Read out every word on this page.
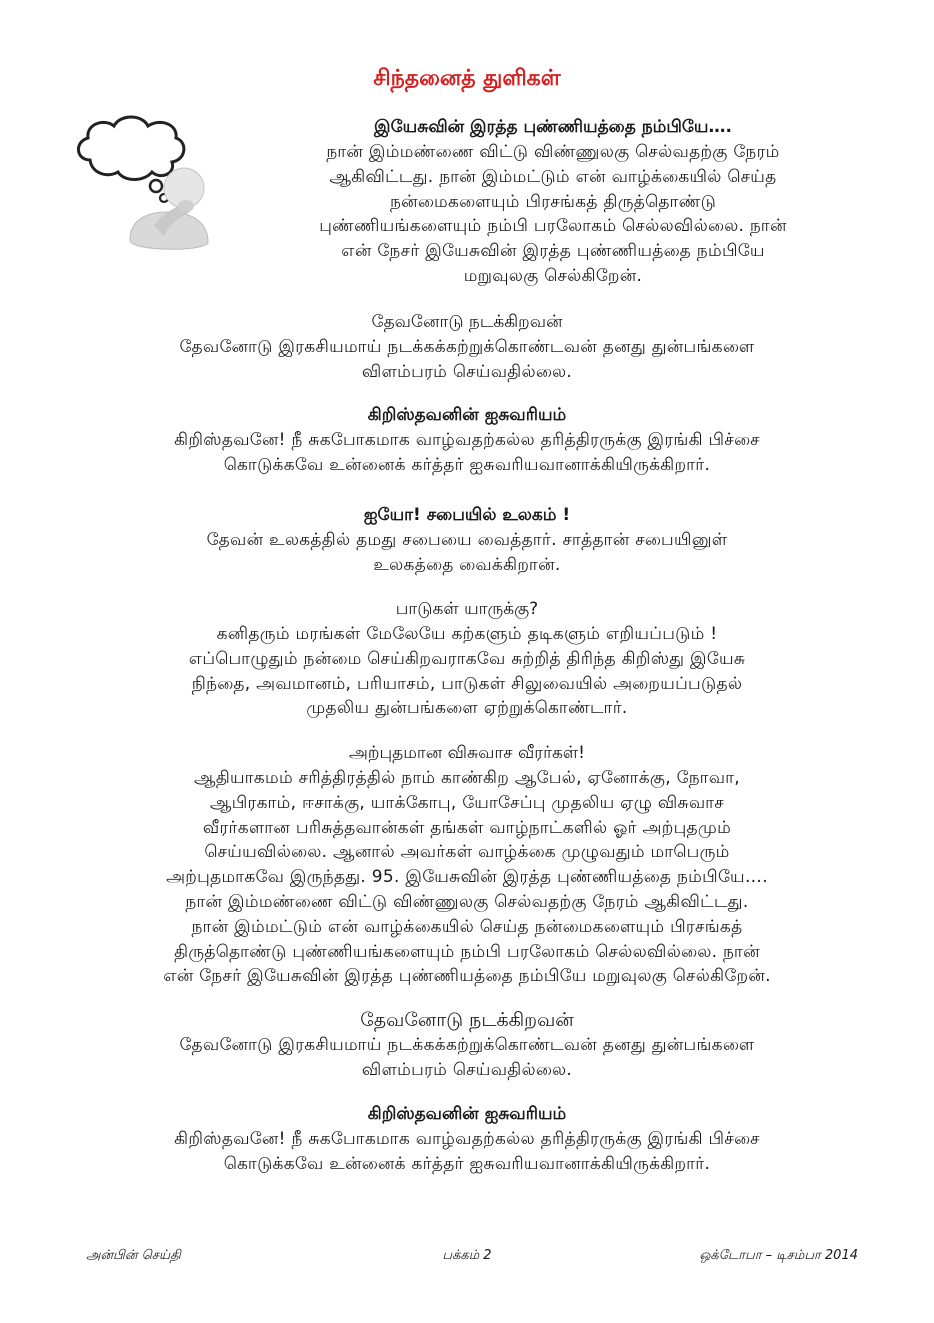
சிந்தனைத் துளிகள்
இயேசுவின் இரத்த புண்ணியத்தை நம்பியே….
நான் இம்மண்ணை விட்டு விண்ணுலகு செல்வதற்கு நேரம்
ஆகிவிட்டது. நான் இம்மட்டும் என் வாழ்க்கையில் செய்த
நன்மைகளையும் பிரசங்கத் திருத்தொண்டு
புண்ணியங்களையும் நம்பி பரலோகம் செல்லவில்லை. நான்
என் நேசர் இயேசுவின் இரத்த புண்ணியத்தை நம்பியே
மறுவுலகு செல்கிறேன்.
தேவனோடு நடக்கிறவன்
தேவனோடு இரகசியமாய் நடக்கக்கற்றுக்கொண்டவன் தனது துன்பங்களை
விளம்பரம் செய்வதில்லை.
கிறிஸ்தவனின் ஐசுவரியம்
கிறிஸ்தவனே! நீ சுகபோகமாக வாழ்வதற்கல்ல தரித்திரருக்கு இரங்கி பிச்சை
கொடுக்கவே உன்னைக் கர்த்தர் ஐசுவரியவானாக்கியிருக்கிறார்.
ஐயோ! சபையில் உலகம் !
தேவன் உலகத்தில் தமது சபையை வைத்தார். சாத்தான் சபையினுள்
உலகத்தை வைக்கிறான்.
பாடுகள் யாருக்கு?
கனிதரும் மரங்கள் மேலேயே கற்களும் தடிகளும் எறியப்படும் !
எப்பொழுதும் நன்மை செய்கிறவராகவே சுற்றித் திரிந்த கிறிஸ்து இயேசு
நிந்தை, அவமானம், பரியாசம், பாடுகள் சிலுவையில் அறையப்படுதல்
முதலிய துன்பங்களை ஏற்றுக்கொண்டார்.
அற்புதமான விசுவாச வீரர்கள்!
ஆதியாகமம் சரித்திரத்தில் நாம் காண்கிற ஆபேல், ஏனோக்கு, நோவா,
ஆபிரகாம், ஈசாக்கு, யாக்கோபு, யோசேப்பு முதலிய ஏழு விசுவாச
வீரர்களான பரிசுத்தவான்கள் தங்கள் வாழ்நாட்களில் ஓர் அற்புதமும்
செய்யவில்லை. ஆனால் அவர்கள் வாழ்க்கை முழுவதும் மாபெரும்
அற்புதமாகவே இருந்தது. 95. இயேசுவின் இரத்த புண்ணியத்தை நம்பியே….
நான் இம்மண்ணை விட்டு விண்ணுலகு செல்வதற்கு நேரம் ஆகிவிட்டது.
நான் இம்மட்டும் என் வாழ்க்கையில் செய்த நன்மைகளையும் பிரசங்கத்
திருத்தொண்டு புண்ணியங்களையும் நம்பி பரலோகம் செல்லவில்லை. நான்
என் நேசர் இயேசுவின் இரத்த புண்ணியத்தை நம்பியே மறுவுலகு செல்கிறேன்.
தேவனோடு நடக்கிறவன்
தேவனோடு இரகசியமாய் நடக்கக்கற்றுக்கொண்டவன் தனது துன்பங்களை
விளம்பரம் செய்வதில்லை.
கிறிஸ்தவனின் ஐசுவரியம்
கிறிஸ்தவனே! நீ சுகபோகமாக வாழ்வதற்கல்ல தரித்திரருக்கு இரங்கி பிச்சை
கொடுக்கவே உன்னைக் கர்த்தர் ஐசுவரியவானாக்கியிருக்கிறார்.
அன்பின் செய்தி	பக்கம் 2	ஒக்டோபா – டிசம்பா 2014
